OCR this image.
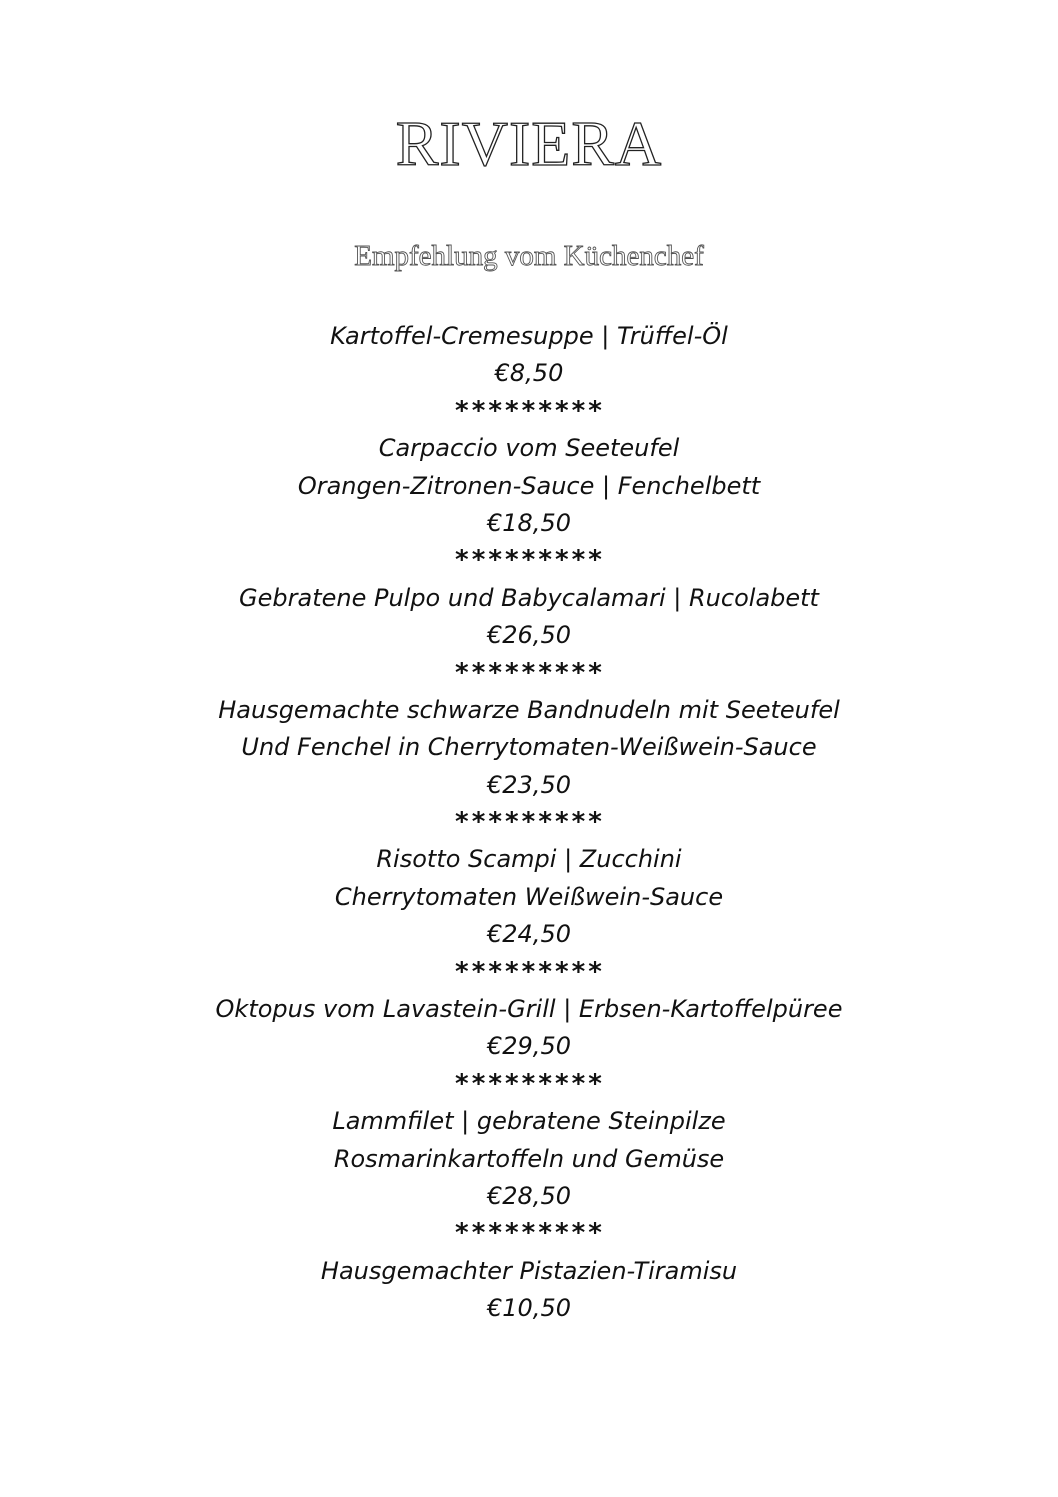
RIVIERA
Empfehlung vom Küchenchef
Kartoffel-Cremesuppe | Trüffel-Öl
€8,50
*********
Carpaccio vom Seeteufel
Orangen-Zitronen-Sauce | Fenchelbett
€18,50
*********
Gebratene Pulpo und Babycalamari | Rucolabett
€26,50
*********
Hausgemachte schwarze Bandnudeln mit Seeteufel
Und Fenchel in Cherrytomaten-Weißwein-Sauce
€23,50
*********
Risotto Scampi | Zucchini
Cherrytomaten Weißwein-Sauce
€24,50
*********
Oktopus vom Lavastein-Grill | Erbsen-Kartoffelpüree
€29,50
*********
Lammfilet | gebratene Steinpilze
Rosmarinkartoffeln und Gemüse
€28,50
*********
Hausgemachter Pistazien-Tiramisu
€10,50
